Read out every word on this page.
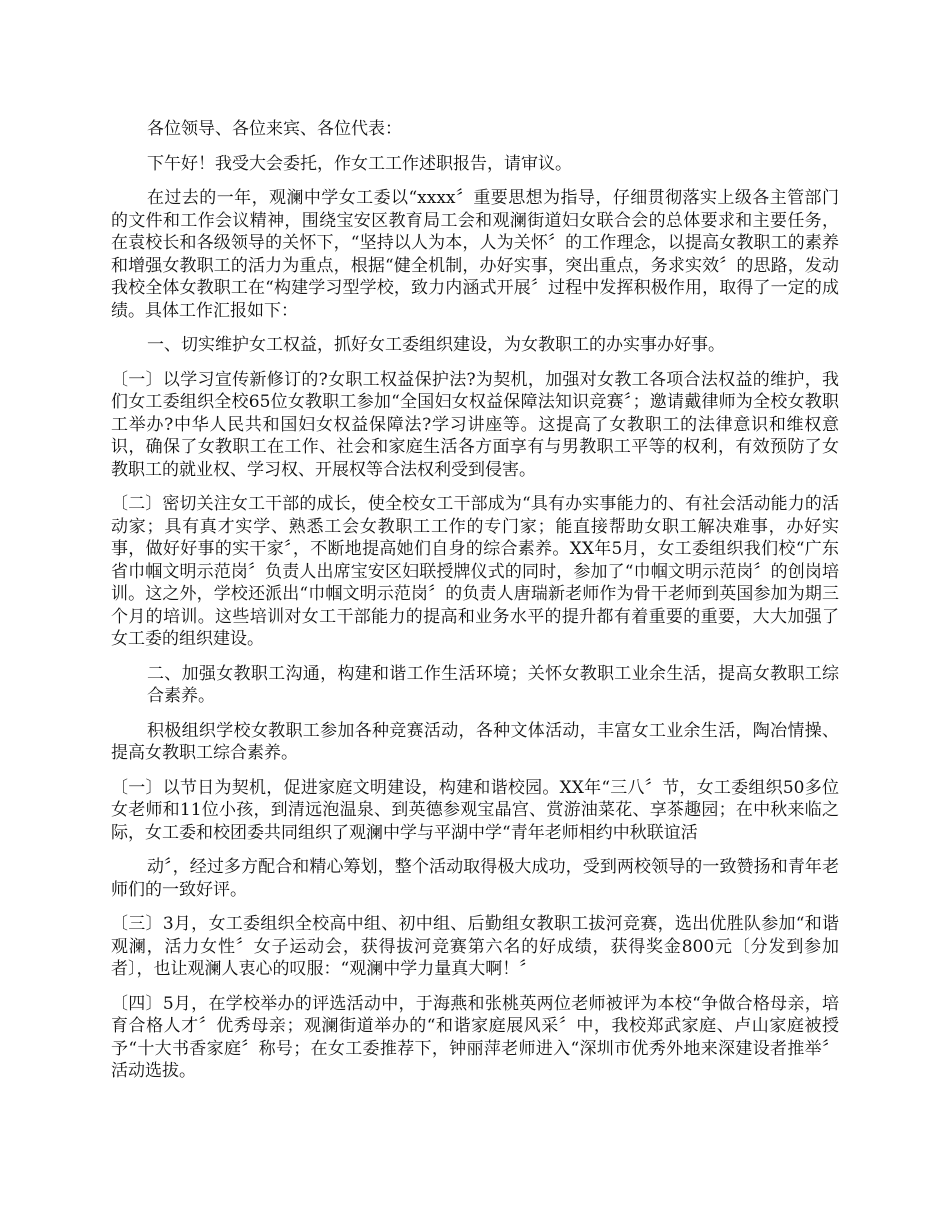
各位领导、各位来宾、各位代表：

下午好！我受大会委托，作女工工作述职报告，请审议。

在过去的一年，观澜中学女工委以“xxxx〞重要思想为指导，仔细贯彻落实上级各主管部门的文件和工作会议精神，围绕宝安区教育局工会和观澜街道妇女联合会的总体要求和主要任务，在袁校长和各级领导的关怀下，“坚持以人为本，人为关怀〞的工作理念，以提高女教职工的素养和增强女教职工的活力为重点，根据“健全机制，办好实事，突出重点，务求实效〞的思路，发动我校全体女教职工在“构建学习型学校，致力内涵式开展〞过程中发挥积极作用，取得了一定的成绩。具体工作汇报如下：

一、切实维护女工权益，抓好女工委组织建设，为女教职工的办实事办好事。

〔一〕以学习宣传新修订的?女职工权益保护法?为契机，加强对女教工各项合法权益的维护，我们女工委组织全校65位女教职工参加“全国妇女权益保障法知识竞赛〞；邀请戴律师为全校女教职工举办?中华人民共和国妇女权益保障法?学习讲座等。这提高了女教职工的法律意识和维权意识，确保了女教职工在工作、社会和家庭生活各方面享有与男教职工平等的权利，有效预防了女教职工的就业权、学习权、开展权等合法权利受到侵害。

〔二〕密切关注女工干部的成长，使全校女工干部成为“具有办实事能力的、有社会活动能力的活动家；具有真才实学、熟悉工会女教职工工作的专门家；能直接帮助女职工解决难事，办好实事，做好好事的实干家〞，不断地提高她们自身的综合素养。XX年5月，女工委组织我们校“广东省巾帼文明示范岗〞负责人出席宝安区妇联授牌仪式的同时，参加了“巾帼文明示范岗〞的创岗培训。这之外，学校还派出“巾帼文明示范岗〞的负责人唐瑞新老师作为骨干老师到英国参加为期三个月的培训。这些培训对女工干部能力的提高和业务水平的提升都有着重要的重要，大大加强了女工委的组织建设。

二、加强女教职工沟通，构建和谐工作生活环境；关怀女教职工业余生活，提高女教职工综合素养。

积极组织学校女教职工参加各种竞赛活动，各种文体活动，丰富女工业余生活，陶冶情操、提高女教职工综合素养。

〔一〕以节日为契机，促进家庭文明建设，构建和谐校园。XX年“三八〞节，女工委组织50多位女老师和11位小孩，到清远泡温泉、到英德参观宝晶宫、赏游油菜花、享茶趣园；在中秋来临之际，女工委和校团委共同组织了观澜中学与平湖中学“青年老师相约中秋联谊活

动〞，经过多方配合和精心筹划，整个活动取得极大成功，受到两校领导的一致赞扬和青年老师们的一致好评。

〔三〕3月，女工委组织全校高中组、初中组、后勤组女教职工拔河竞赛，选出优胜队参加“和谐观澜，活力女性〞女子运动会，获得拔河竞赛第六名的好成绩，获得奖金800元〔分发到参加者〕，也让观澜人衷心的叹服：“观澜中学力量真大啊！〞

〔四〕5月，在学校举办的评选活动中，于海燕和张桃英两位老师被评为本校“争做合格母亲，培育合格人才〞优秀母亲；观澜街道举办的“和谐家庭展风采〞中，我校郑武家庭、卢山家庭被授予“十大书香家庭〞称号；在女工委推荐下，钟丽萍老师进入“深圳市优秀外地来深建设者推举〞活动选拔。
